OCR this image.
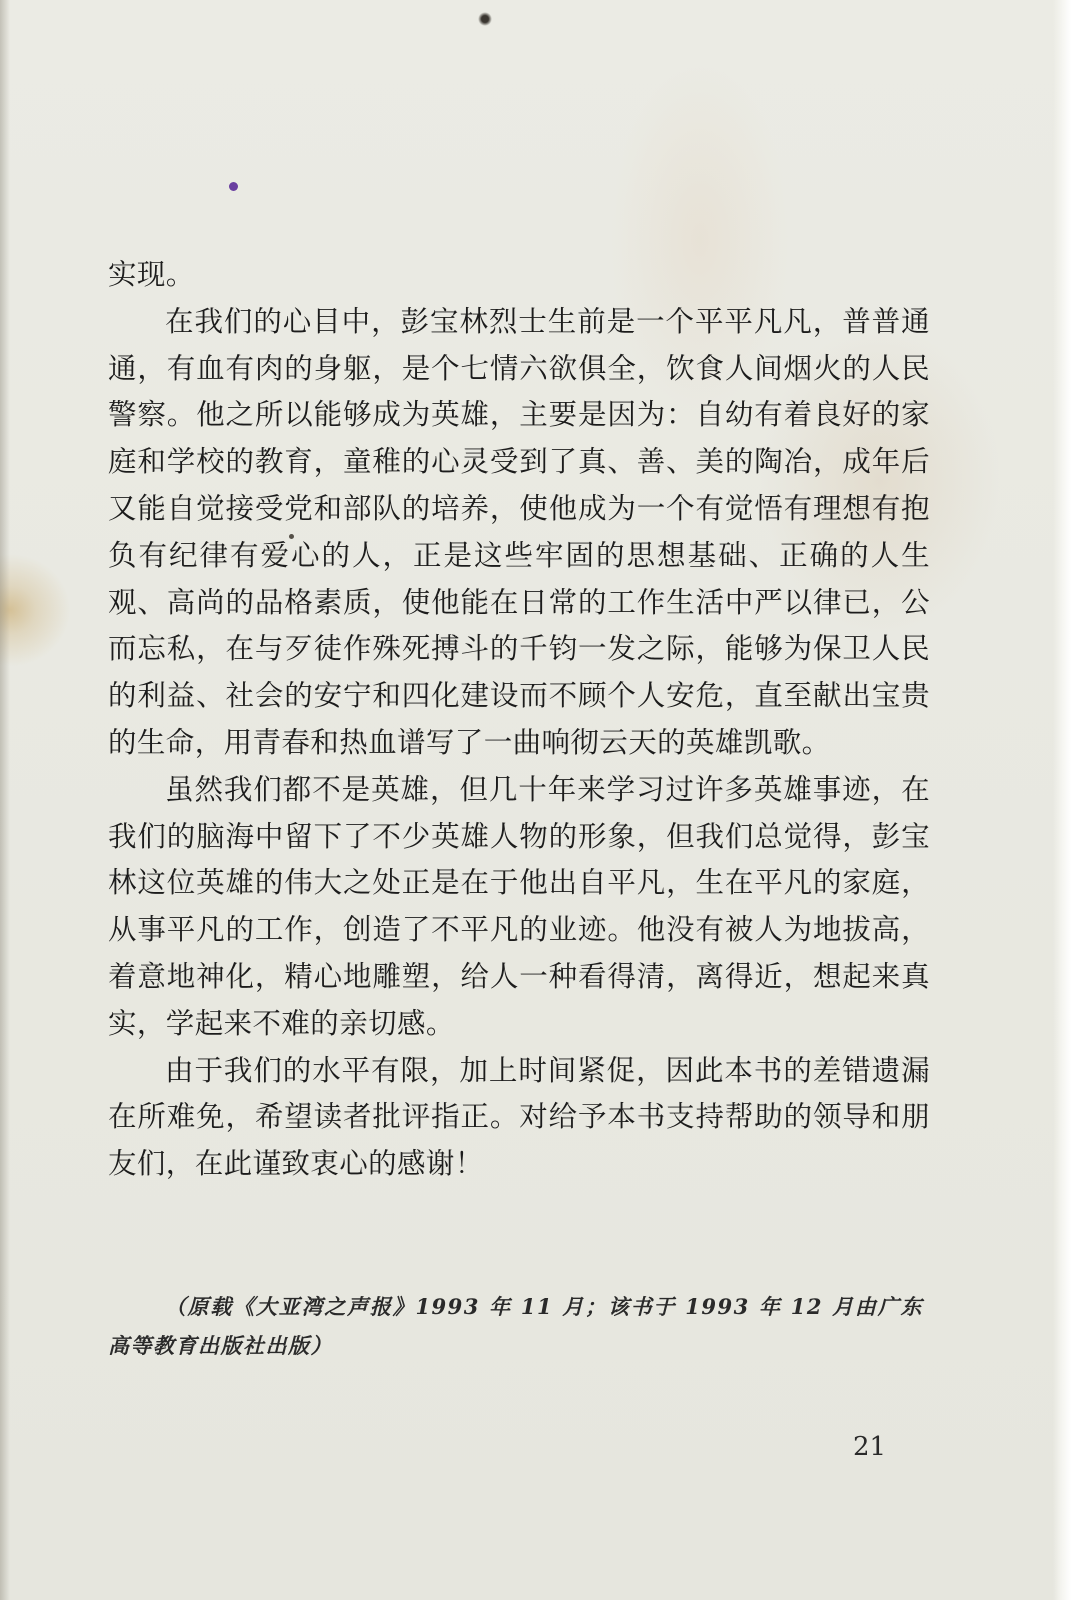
实现。

在我们的心目中，彭宝林烈士生前是一个平平凡凡，普普通通，有血有肉的身躯，是个七情六欲俱全，饮食人间烟火的人民警察。他之所以能够成为英雄，主要是因为：自幼有着良好的家庭和学校的教育，童稚的心灵受到了真、善、美的陶冶，成年后又能自觉接受党和部队的培养，使他成为一个有觉悟有理想有抱负有纪律有爱心的人，正是这些牢固的思想基础、正确的人生观、高尚的品格素质，使他能在日常的工作生活中严以律已，公而忘私，在与歹徒作殊死搏斗的千钧一发之际，能够为保卫人民的利益、社会的安宁和四化建设而不顾个人安危，直至献出宝贵的生命，用青春和热血谱写了一曲响彻云天的英雄凯歌。

虽然我们都不是英雄，但几十年来学习过许多英雄事迹，在我们的脑海中留下了不少英雄人物的形象，但我们总觉得，彭宝林这位英雄的伟大之处正是在于他出自平凡，生在平凡的家庭，从事平凡的工作，创造了不平凡的业迹。他没有被人为地拔高，着意地神化，精心地雕塑，给人一种看得清，离得近，想起来真实，学起来不难的亲切感。

由于我们的水平有限，加上时间紧促，因此本书的差错遗漏在所难免，希望读者批评指正。对给予本书支持帮助的领导和朋友们，在此谨致衷心的感谢！

（原载《大亚湾之声报》1993 年 11 月；该书于 1993 年 12 月由广东高等教育出版社出版）
21
